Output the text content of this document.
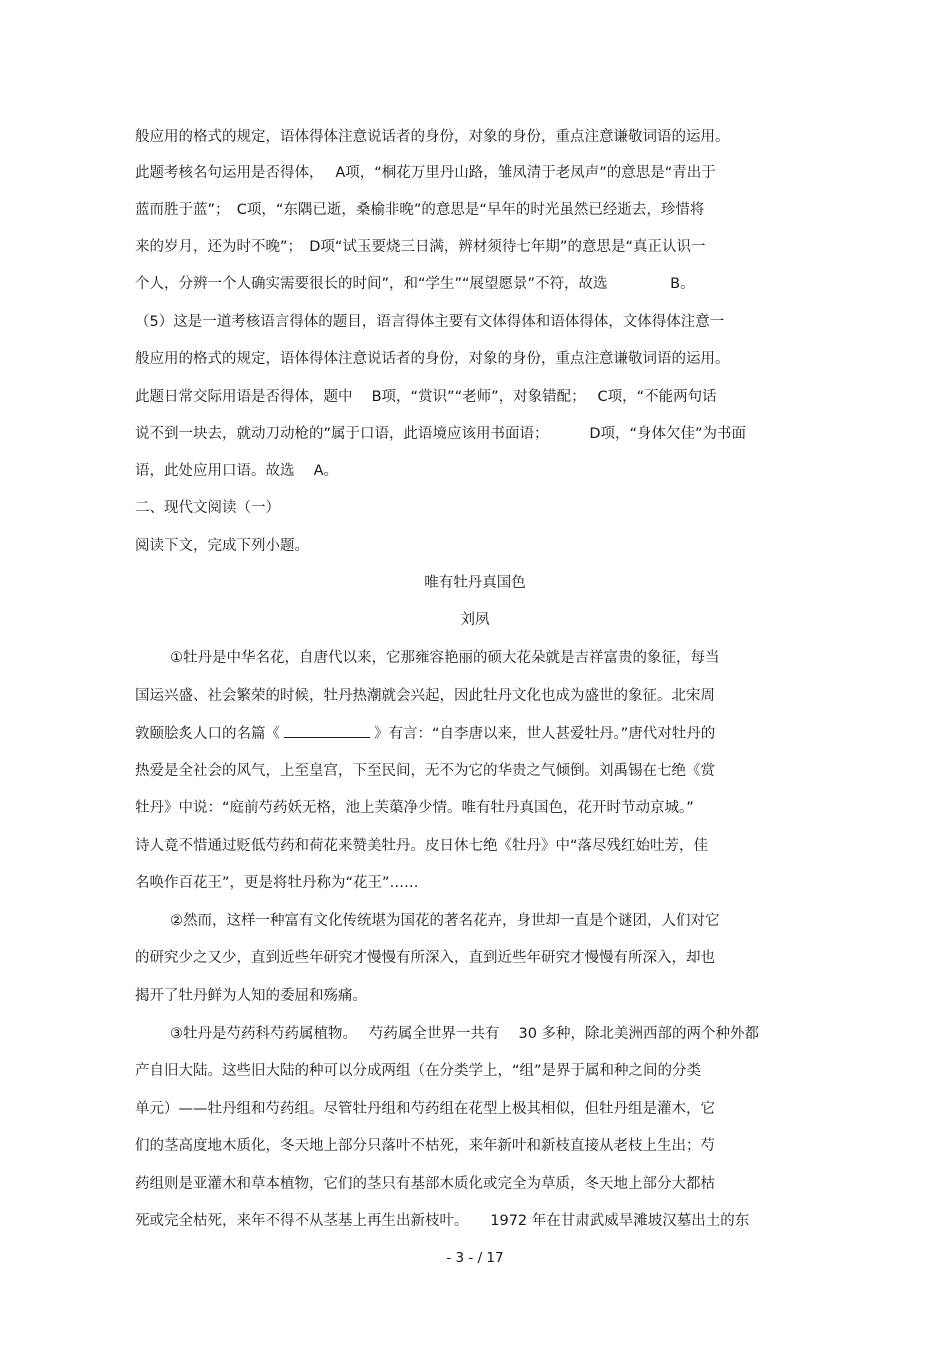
般应用的格式的规定，语体得体注意说话者的身份，对象的身份，重点注意谦敬词语的运用。

此题考核名句运用是否得体，　 A项，“桐花万里丹山路，雏凤清于老凤声”的意思是“青出于

蓝而胜于蓝”；　C项，“东隅已逝，桑榆非晚”的意思是“早年的时光虽然已经逝去，珍惜将

来的岁月，还为时不晚”；　D项“试玉要烧三日满，辨材须待七年期”的意思是“真正认识一

个人，分辨一个人确实需要很长的时间”，和“学生”“展望愿景”不符，故选　　　　 B。

（5）这是一道考核语言得体的题目，语言得体主要有文体得体和语体得体，文体得体注意一

般应用的格式的规定，语体得体注意说话者的身份，对象的身份，重点注意谦敬词语的运用。

此题日常交际用语是否得体，题中　 B项，“赏识”“老师”，对象错配；　 C项，“不能两句话

说不到一块去，就动刀动枪的”属于口语，此语境应该用书面语；　　　 D项，“身体欠佳”为书面

语，此处应用口语。故选　 A。

二、现代文阅读（一）

阅读下文，完成下列小题。

唯有牡丹真国色

刘夙

①牡丹是中华名花，自唐代以来，它那雍容艳丽的硕大花朵就是吉祥富贵的象征，每当

国运兴盛、社会繁荣的时候，牡丹热潮就会兴起，因此牡丹文化也成为盛世的象征。北宋周

敦颐脍炙人口的名篇《	》有言：“自李唐以来，世人甚爱牡丹。”唐代对牡丹的

热爱是全社会的风气，上至皇宫，下至民间，无不为它的华贵之气倾倒。刘禹锡在七绝《赏

牡丹》中说：“庭前芍药妖无格，池上芙蕖净少情。唯有牡丹真国色，花开时节动京城。”

诗人竟不惜通过贬低芍药和荷花来赞美牡丹。皮日休七绝《牡丹》中“落尽残红始吐芳，佳

名唤作百花王”，更是将牡丹称为“花王”……

②然而，这样一种富有文化传统堪为国花的著名花卉，身世却一直是个谜团，人们对它

的研究少之又少，直到近些年研究才慢慢有所深入，直到近些年研究才慢慢有所深入，却也

揭开了牡丹鲜为人知的委屈和殇痛。

③牡丹是芍药科芍药属植物。　 芍药属全世界一共有　 30 多种，除北美洲西部的两个种外都

产自旧大陆。这些旧大陆的种可以分成两组（在分类学上，“组”是界于属和种之间的分类

单元）——牡丹组和芍药组。尽管牡丹组和芍药组在花型上极其相似，但牡丹组是灌木，它

们的茎高度地木质化，冬天地上部分只落叶不枯死，来年新叶和新枝直接从老枝上生出；芍

药组则是亚灌木和草本植物，它们的茎只有基部木质化或完全为草质，冬天地上部分大都枯

死或完全枯死，来年不得不从茎基上再生出新枝叶。　　1972 年在甘肃武威旱滩坡汉墓出土的东

- 3 - / 17
